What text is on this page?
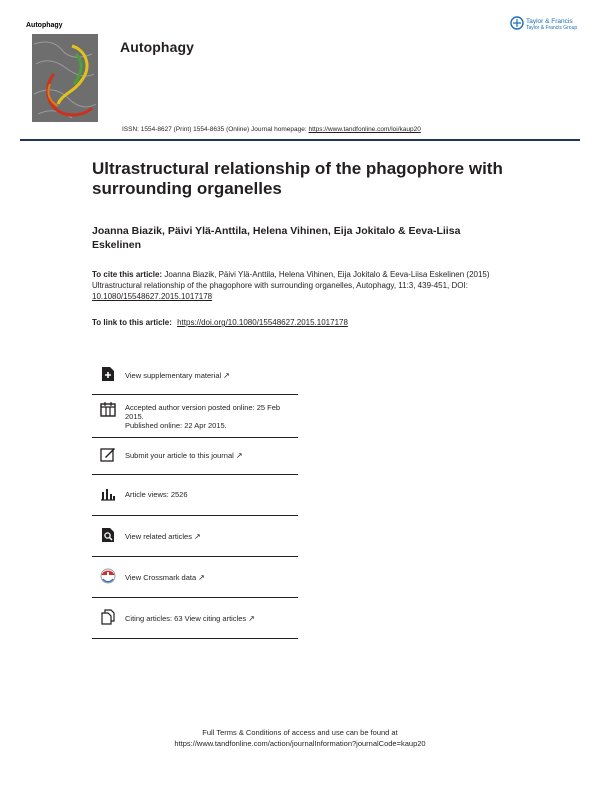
Autophagy
Autophagy
Taylor & Francis
Taylor & Francis Group
ISSN: 1554-8627 (Print) 1554-8635 (Online) Journal homepage: https://www.tandfonline.com/loi/kaup20
Ultrastructural relationship of the phagophore with surrounding organelles
Joanna Biazik, Päivi Ylä-Anttila, Helena Vihinen, Eija Jokitalo & Eeva-Liisa Eskelinen
To cite this article: Joanna Biazik, Päivi Ylä-Anttila, Helena Vihinen, Eija Jokitalo & Eeva-Liisa Eskelinen (2015) Ultrastructural relationship of the phagophore with surrounding organelles, Autophagy, 11:3, 439-451, DOI: 10.1080/15548627.2015.1017178
To link to this article: https://doi.org/10.1080/15548627.2015.1017178
View supplementary material ↗
Accepted author version posted online: 25 Feb 2015.
Published online: 22 Apr 2015.
Submit your article to this journal ↗
Article views: 2526
View related articles ↗
View Crossmark data ↗
Citing articles: 63 View citing articles ↗
Full Terms & Conditions of access and use can be found at
https://www.tandfonline.com/action/journalInformation?journalCode=kaup20
